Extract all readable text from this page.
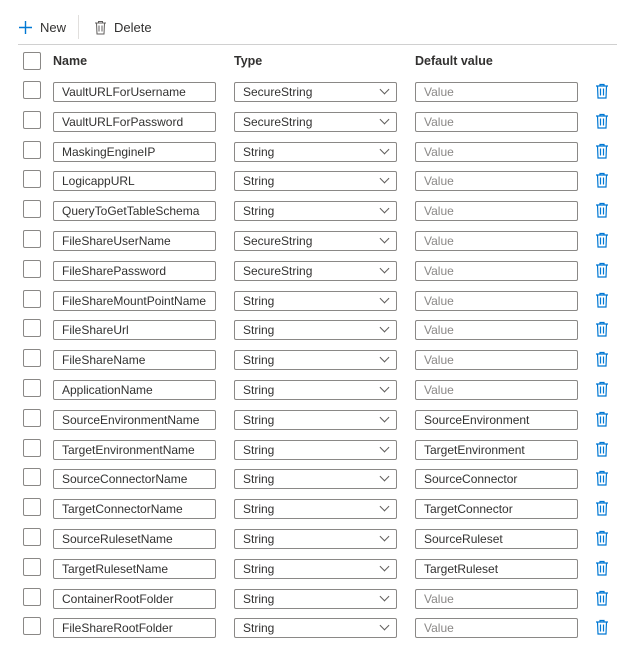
New	Delete
Name	Type	Default value
VaultURLForUsername	SecureString	Value
VaultURLForPassword	SecureString	Value
MaskingEngineIP	String	Value
LogicappURL	String	Value
QueryToGetTableSchema	String	Value
FileShareUserName	SecureString	Value
FileSharePassword	SecureString	Value
FileShareMountPointName	String	Value
FileShareUrl	String	Value
FileShareName	String	Value
ApplicationName	String	Value
SourceEnvironmentName	String	SourceEnvironment
TargetEnvironmentName	String	TargetEnvironment
SourceConnectorName	String	SourceConnector
TargetConnectorName	String	TargetConnector
SourceRulesetName	String	SourceRuleset
TargetRulesetName	String	TargetRuleset
ContainerRootFolder	String	Value
FileShareRootFolder	String	Value
